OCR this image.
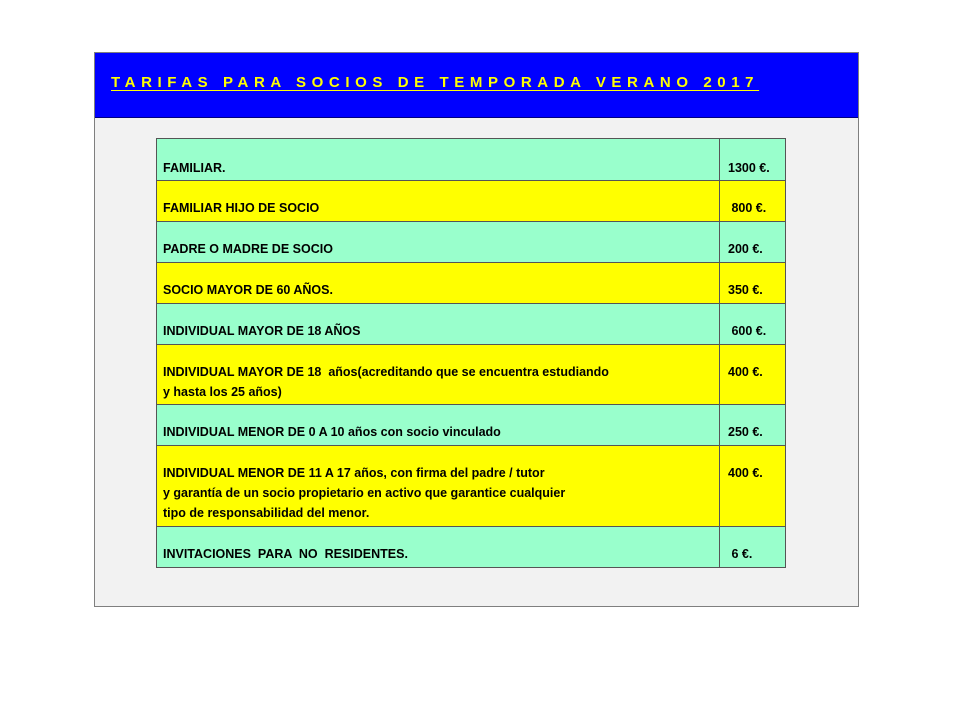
TARIFAS PARA SOCIOS DE TEMPORADA VERANO 2017
FAMILIAR.	1300 €.

FAMILIAR HIJO DE SOCIO	800 €.

PADRE O MADRE DE SOCIO	200 €.

SOCIO MAYOR DE 60 AÑOS.	350 €.

INDIVIDUAL MAYOR DE 18 AÑOS	600 €.

INDIVIDUAL MAYOR DE 18  años(acreditando que se encuentra estudiando
y hasta los 25 años)	400 €.

INDIVIDUAL MENOR DE 0 A 10 años con socio vinculado	250 €.

INDIVIDUAL MENOR DE 11 A 17 años, con firma del padre / tutor
y garantía de un socio propietario en activo que garantice cualquier
tipo de responsabilidad del menor.	400 €.

INVITACIONES  PARA  NO  RESIDENTES.	6 €.
